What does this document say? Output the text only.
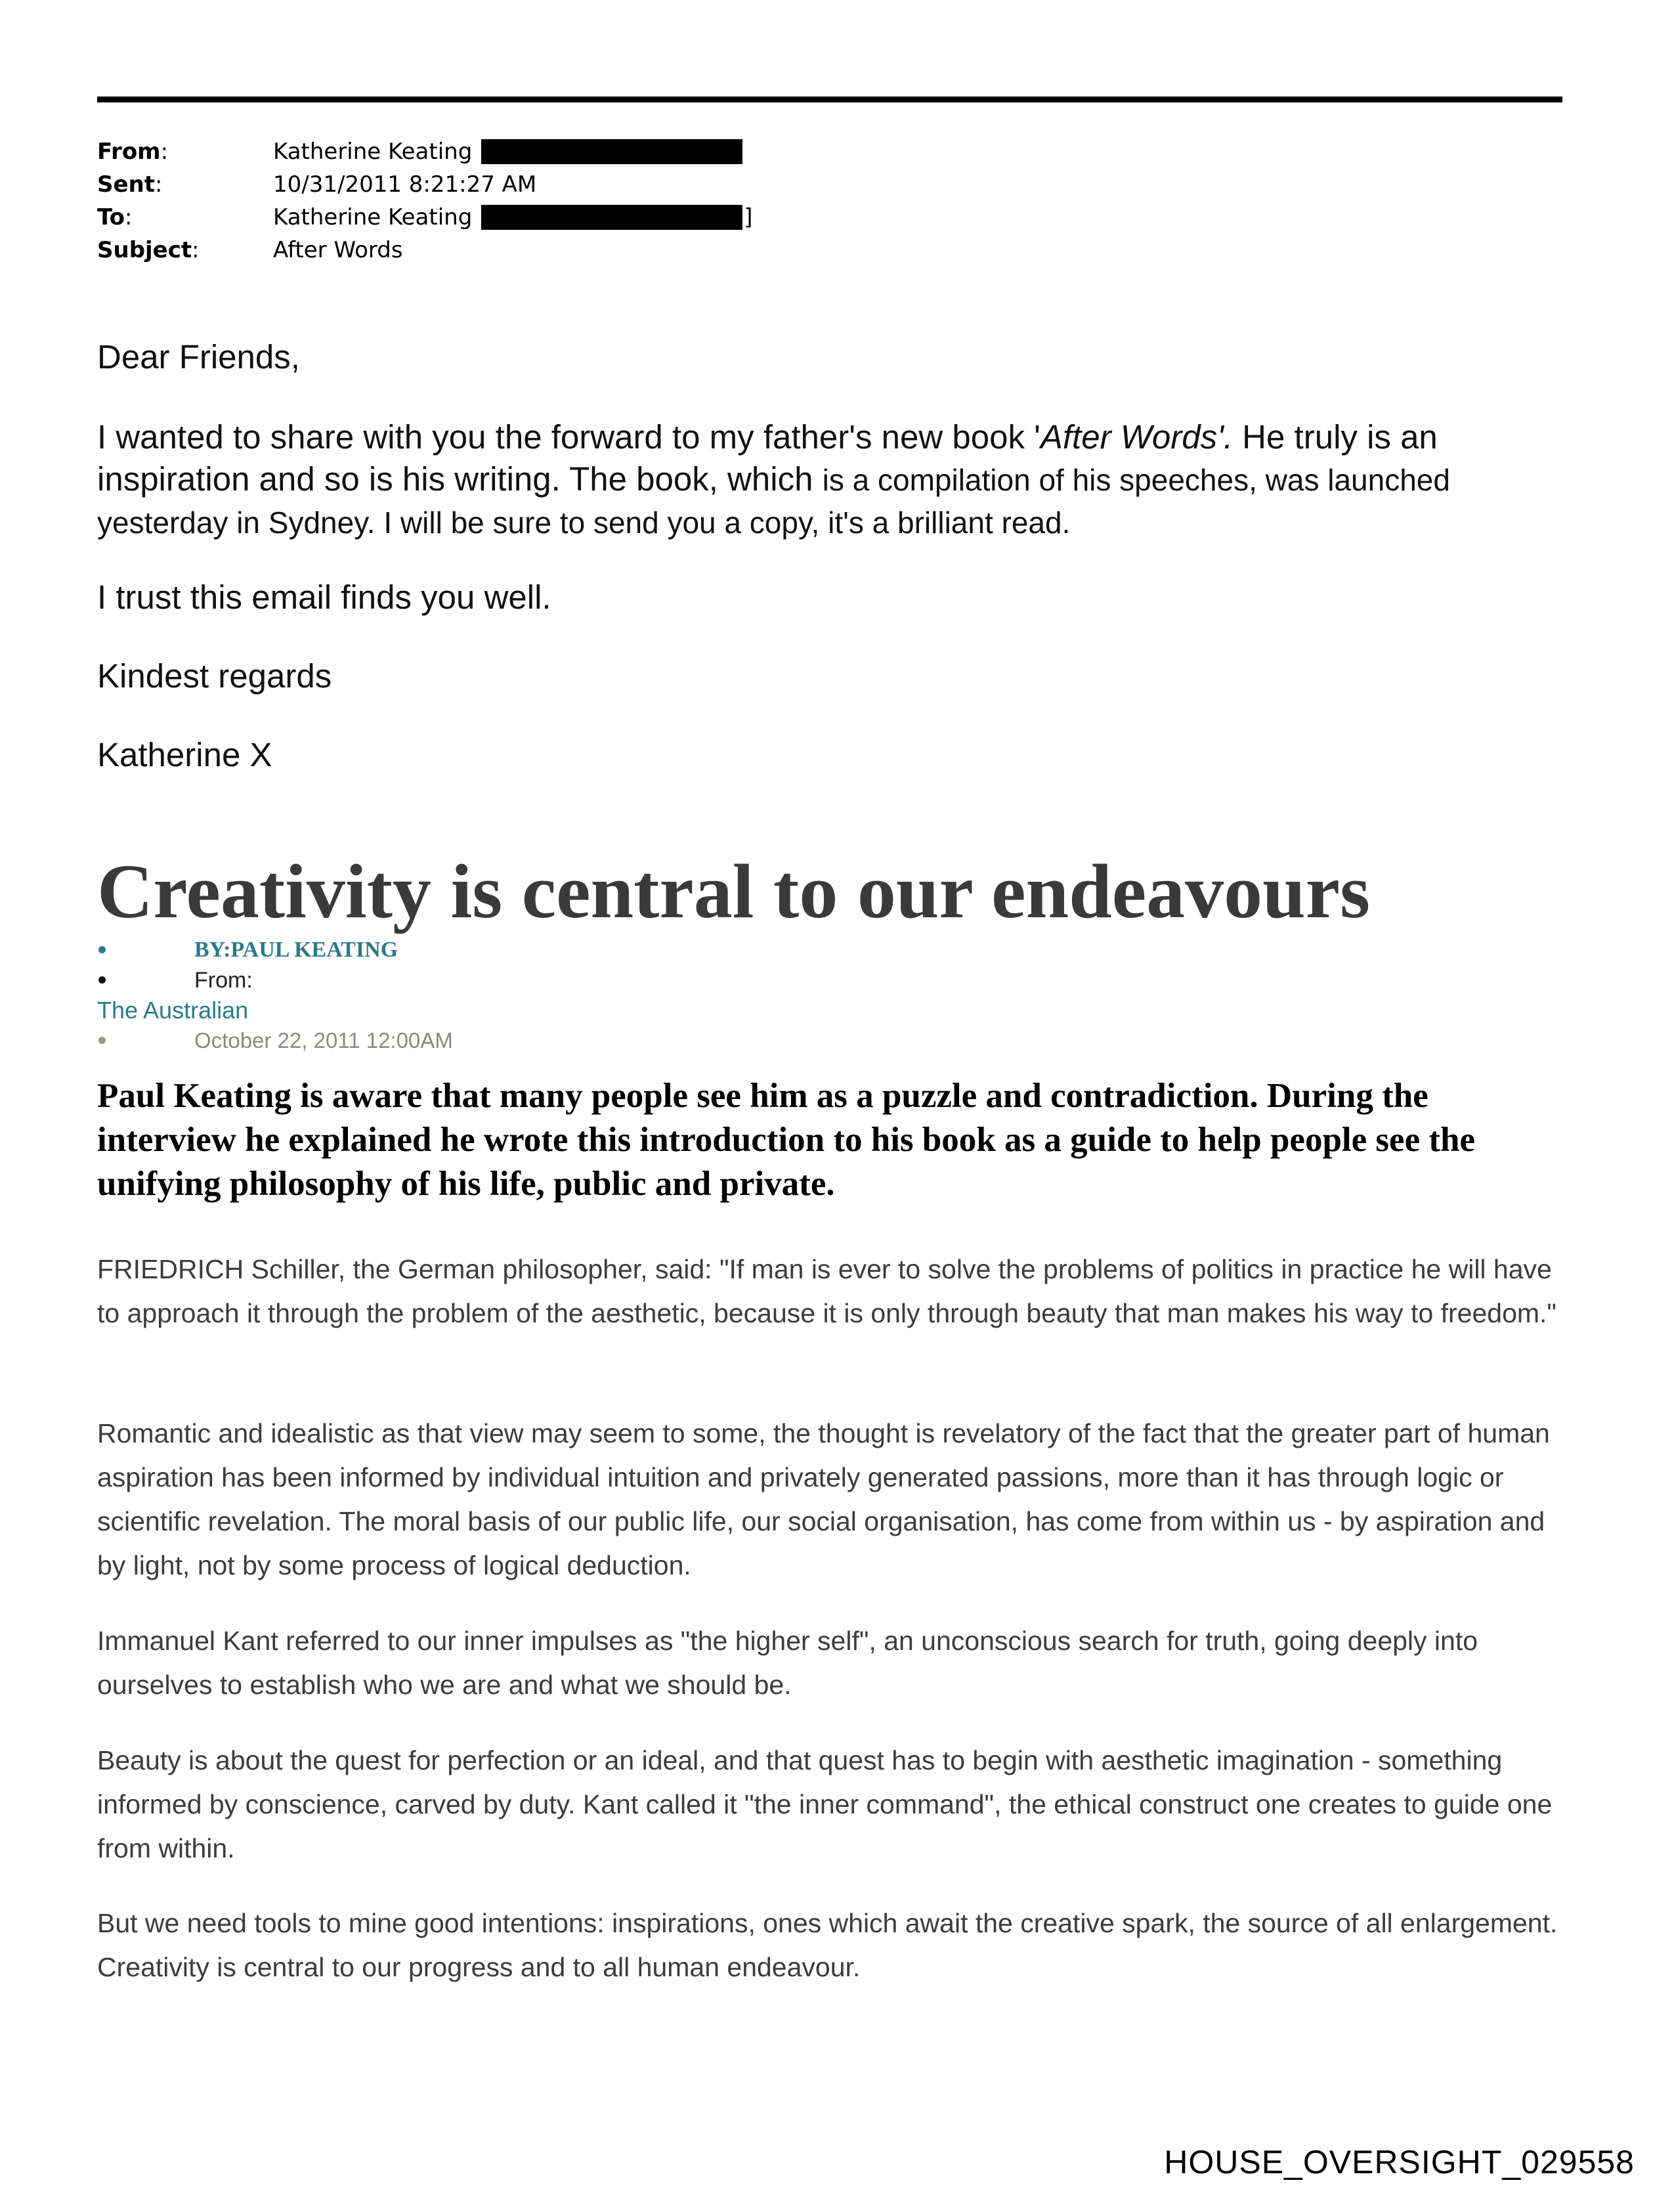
From:	Katherine Keating
Sent:	10/31/2011 8:21:27 AM
To:	Katherine Keating	]
Subject:	After Words

Dear Friends,

I wanted to share with you the forward to my father's new book 'After Words'. He truly is an inspiration and so is his writing. The book, which is a compilation of his speeches, was launched yesterday in Sydney. I will be sure to send you a copy, it's a brilliant read.

I trust this email finds you well.

Kindest regards

Katherine X

Creativity is central to our endeavours
BY:PAUL KEATING
From:
The Australian
October 22, 2011 12:00AM

Paul Keating is aware that many people see him as a puzzle and contradiction. During the interview he explained he wrote this introduction to his book as a guide to help people see the unifying philosophy of his life, public and private.

FRIEDRICH Schiller, the German philosopher, said: "If man is ever to solve the problems of politics in practice he will have to approach it through the problem of the aesthetic, because it is only through beauty that man makes his way to freedom."

Romantic and idealistic as that view may seem to some, the thought is revelatory of the fact that the greater part of human aspiration has been informed by individual intuition and privately generated passions, more than it has through logic or scientific revelation. The moral basis of our public life, our social organisation, has come from within us - by aspiration and by light, not by some process of logical deduction.

Immanuel Kant referred to our inner impulses as "the higher self", an unconscious search for truth, going deeply into ourselves to establish who we are and what we should be.

Beauty is about the quest for perfection or an ideal, and that quest has to begin with aesthetic imagination - something informed by conscience, carved by duty. Kant called it "the inner command", the ethical construct one creates to guide one from within.

But we need tools to mine good intentions: inspirations, ones which await the creative spark, the source of all enlargement. Creativity is central to our progress and to all human endeavour.

HOUSE_OVERSIGHT_029558
